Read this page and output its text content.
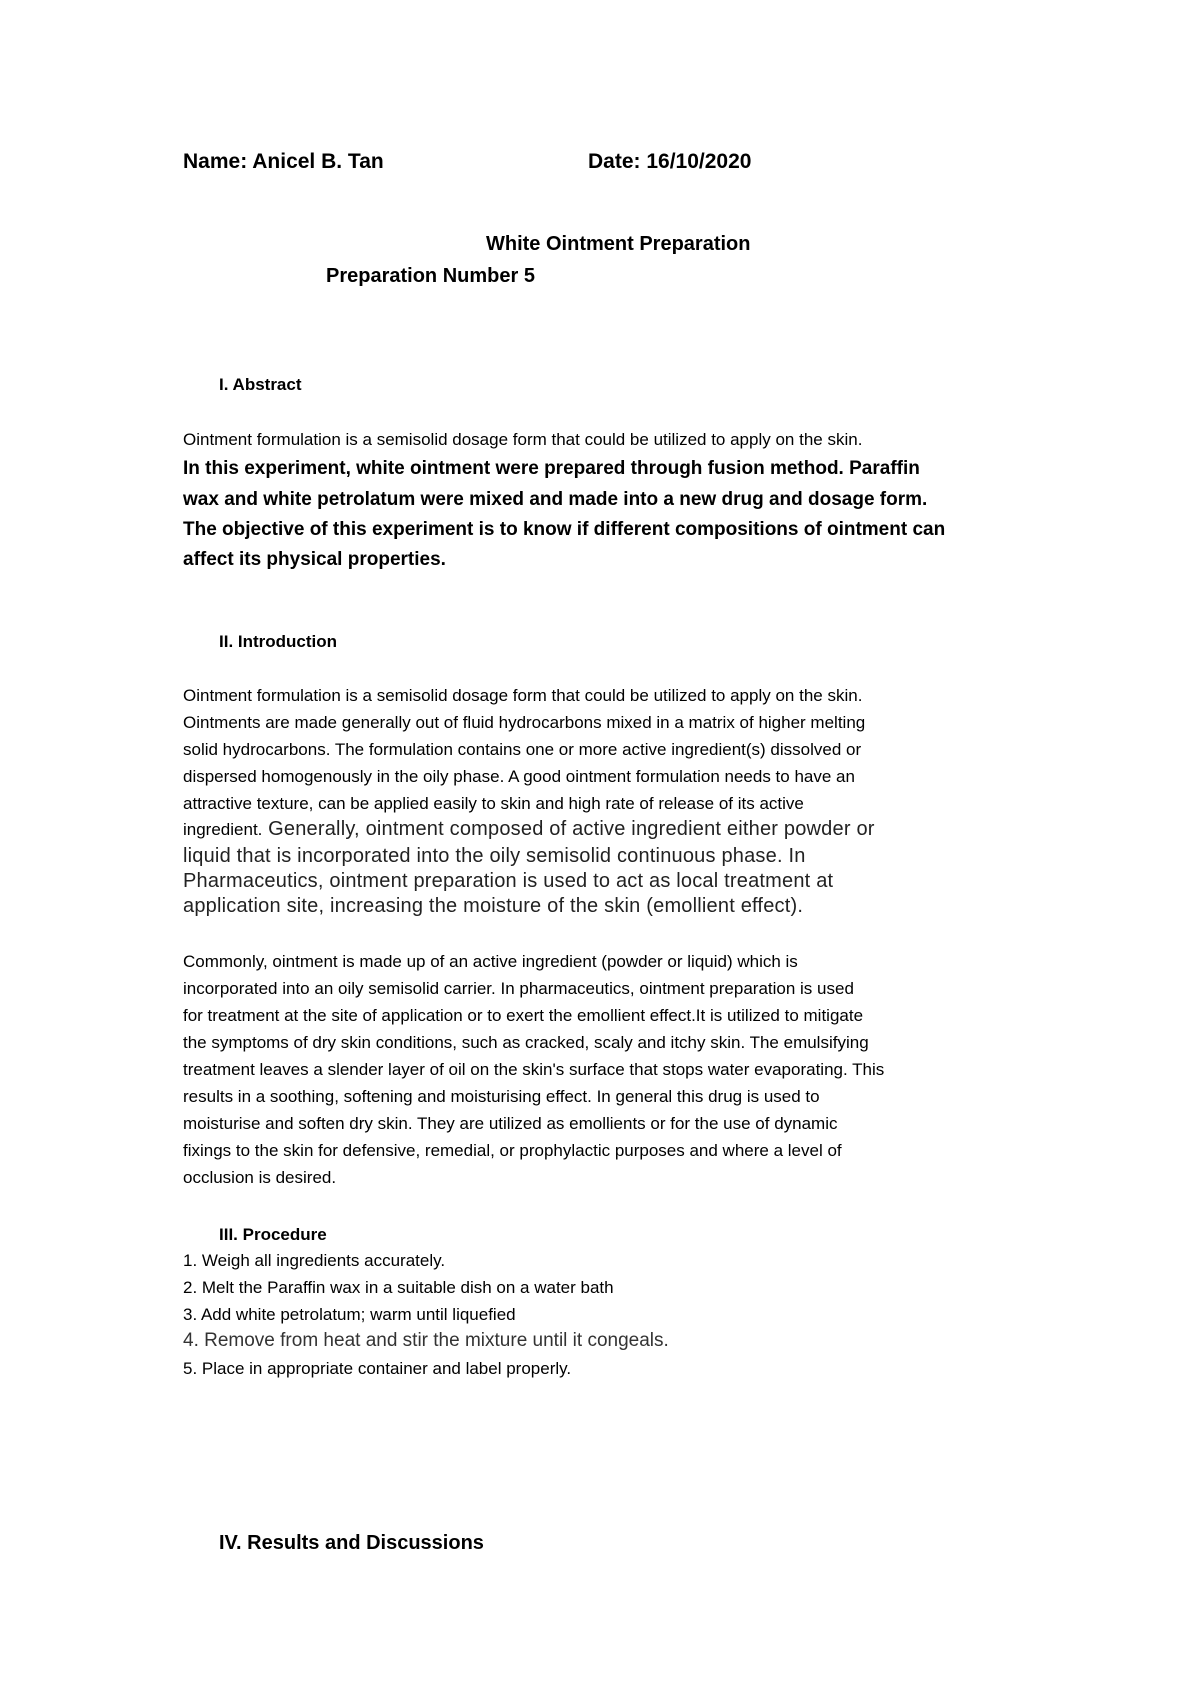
Name: Anicel B. Tan	Date: 16/10/2020
White Ointment Preparation
Preparation Number 5
I. Abstract
Ointment formulation is a semisolid dosage form that could be utilized to apply on the skin.
In this experiment, white ointment were prepared through fusion method. Paraffin
wax and white petrolatum were mixed and made into a new drug and dosage form.
The objective of this experiment is to know if different compositions of ointment can
affect its physical properties.
II. Introduction
Ointment formulation is a semisolid dosage form that could be utilized to apply on the skin.
Ointments are made generally out of fluid hydrocarbons mixed in a matrix of higher melting
solid hydrocarbons. The formulation contains one or more active ingredient(s) dissolved or
dispersed homogenously in the oily phase. A good ointment formulation needs to have an
attractive texture, can be applied easily to skin and high rate of release of its active
ingredient. Generally, ointment composed of active ingredient either powder or
liquid that is incorporated into the oily semisolid continuous phase. In
Pharmaceutics, ointment preparation is used to act as local treatment at
application site, increasing the moisture of the skin (emollient effect).
Commonly, ointment is made up of an active ingredient (powder or liquid) which is
incorporated into an oily semisolid carrier. In pharmaceutics, ointment preparation is used
for treatment at the site of application or to exert the emollient effect.It is utilized to mitigate
the symptoms of dry skin conditions, such as cracked, scaly and itchy skin. The emulsifying
treatment leaves a slender layer of oil on the skin's surface that stops water evaporating. This
results in a soothing, softening and moisturising effect. In general this drug is used to
moisturise and soften dry skin. They are utilized as emollients or for the use of dynamic
fixings to the skin for defensive, remedial, or prophylactic purposes and where a level of
occlusion is desired.
III. Procedure
1. Weigh all ingredients accurately.
2. Melt the Paraffin wax in a suitable dish on a water bath
3. Add white petrolatum; warm until liquefied
4. Remove from heat and stir the mixture until it congeals.
5. Place in appropriate container and label properly.
IV. Results and Discussions
